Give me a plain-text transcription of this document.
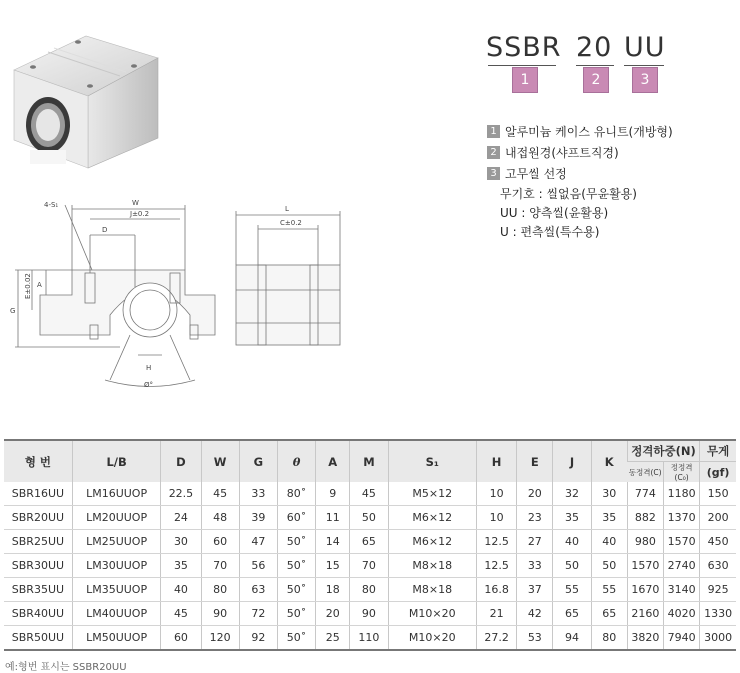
SSBR
1
20
2
UU
3
1 알루미늄 케이스 유니트(개방형)
2 내접원경(샤프트직경)
3 고무씰 선정
무기호 : 씰없음(무윤활용)
UU : 양측씰(윤활용)
U : 편측씰(특수용)
4-S₁	W
J±0.2
D
A
E±0.02
G
H
Ø°
L
C±0.2
형 번	L/B	D	W	G	θ	A	M	S₁	H	E	J	K	정격하중(N)		무게
													동정격(C)	정정격(C₀)	(gf)
SBR16UU	LM16UUOP	22.5	45	33	80˚	9	45	M5×12	10	20	32	30	774	1180	150
SBR20UU	LM20UUOP	24	48	39	60˚	11	50	M6×12	10	23	35	35	882	1370	200
SBR25UU	LM25UUOP	30	60	47	50˚	14	65	M6×12	12.5	27	40	40	980	1570	450
SBR30UU	LM30UUOP	35	70	56	50˚	15	70	M8×18	12.5	33	50	50	1570	2740	630
SBR35UU	LM35UUOP	40	80	63	50˚	18	80	M8×18	16.8	37	55	55	1670	3140	925
SBR40UU	LM40UUOP	45	90	72	50˚	20	90	M10×20	21	42	65	65	2160	4020	1330
SBR50UU	LM50UUOP	60	120	92	50˚	25	110	M10×20	27.2	53	94	80	3820	7940	3000
예:형번 표시는 SSBR20UU
